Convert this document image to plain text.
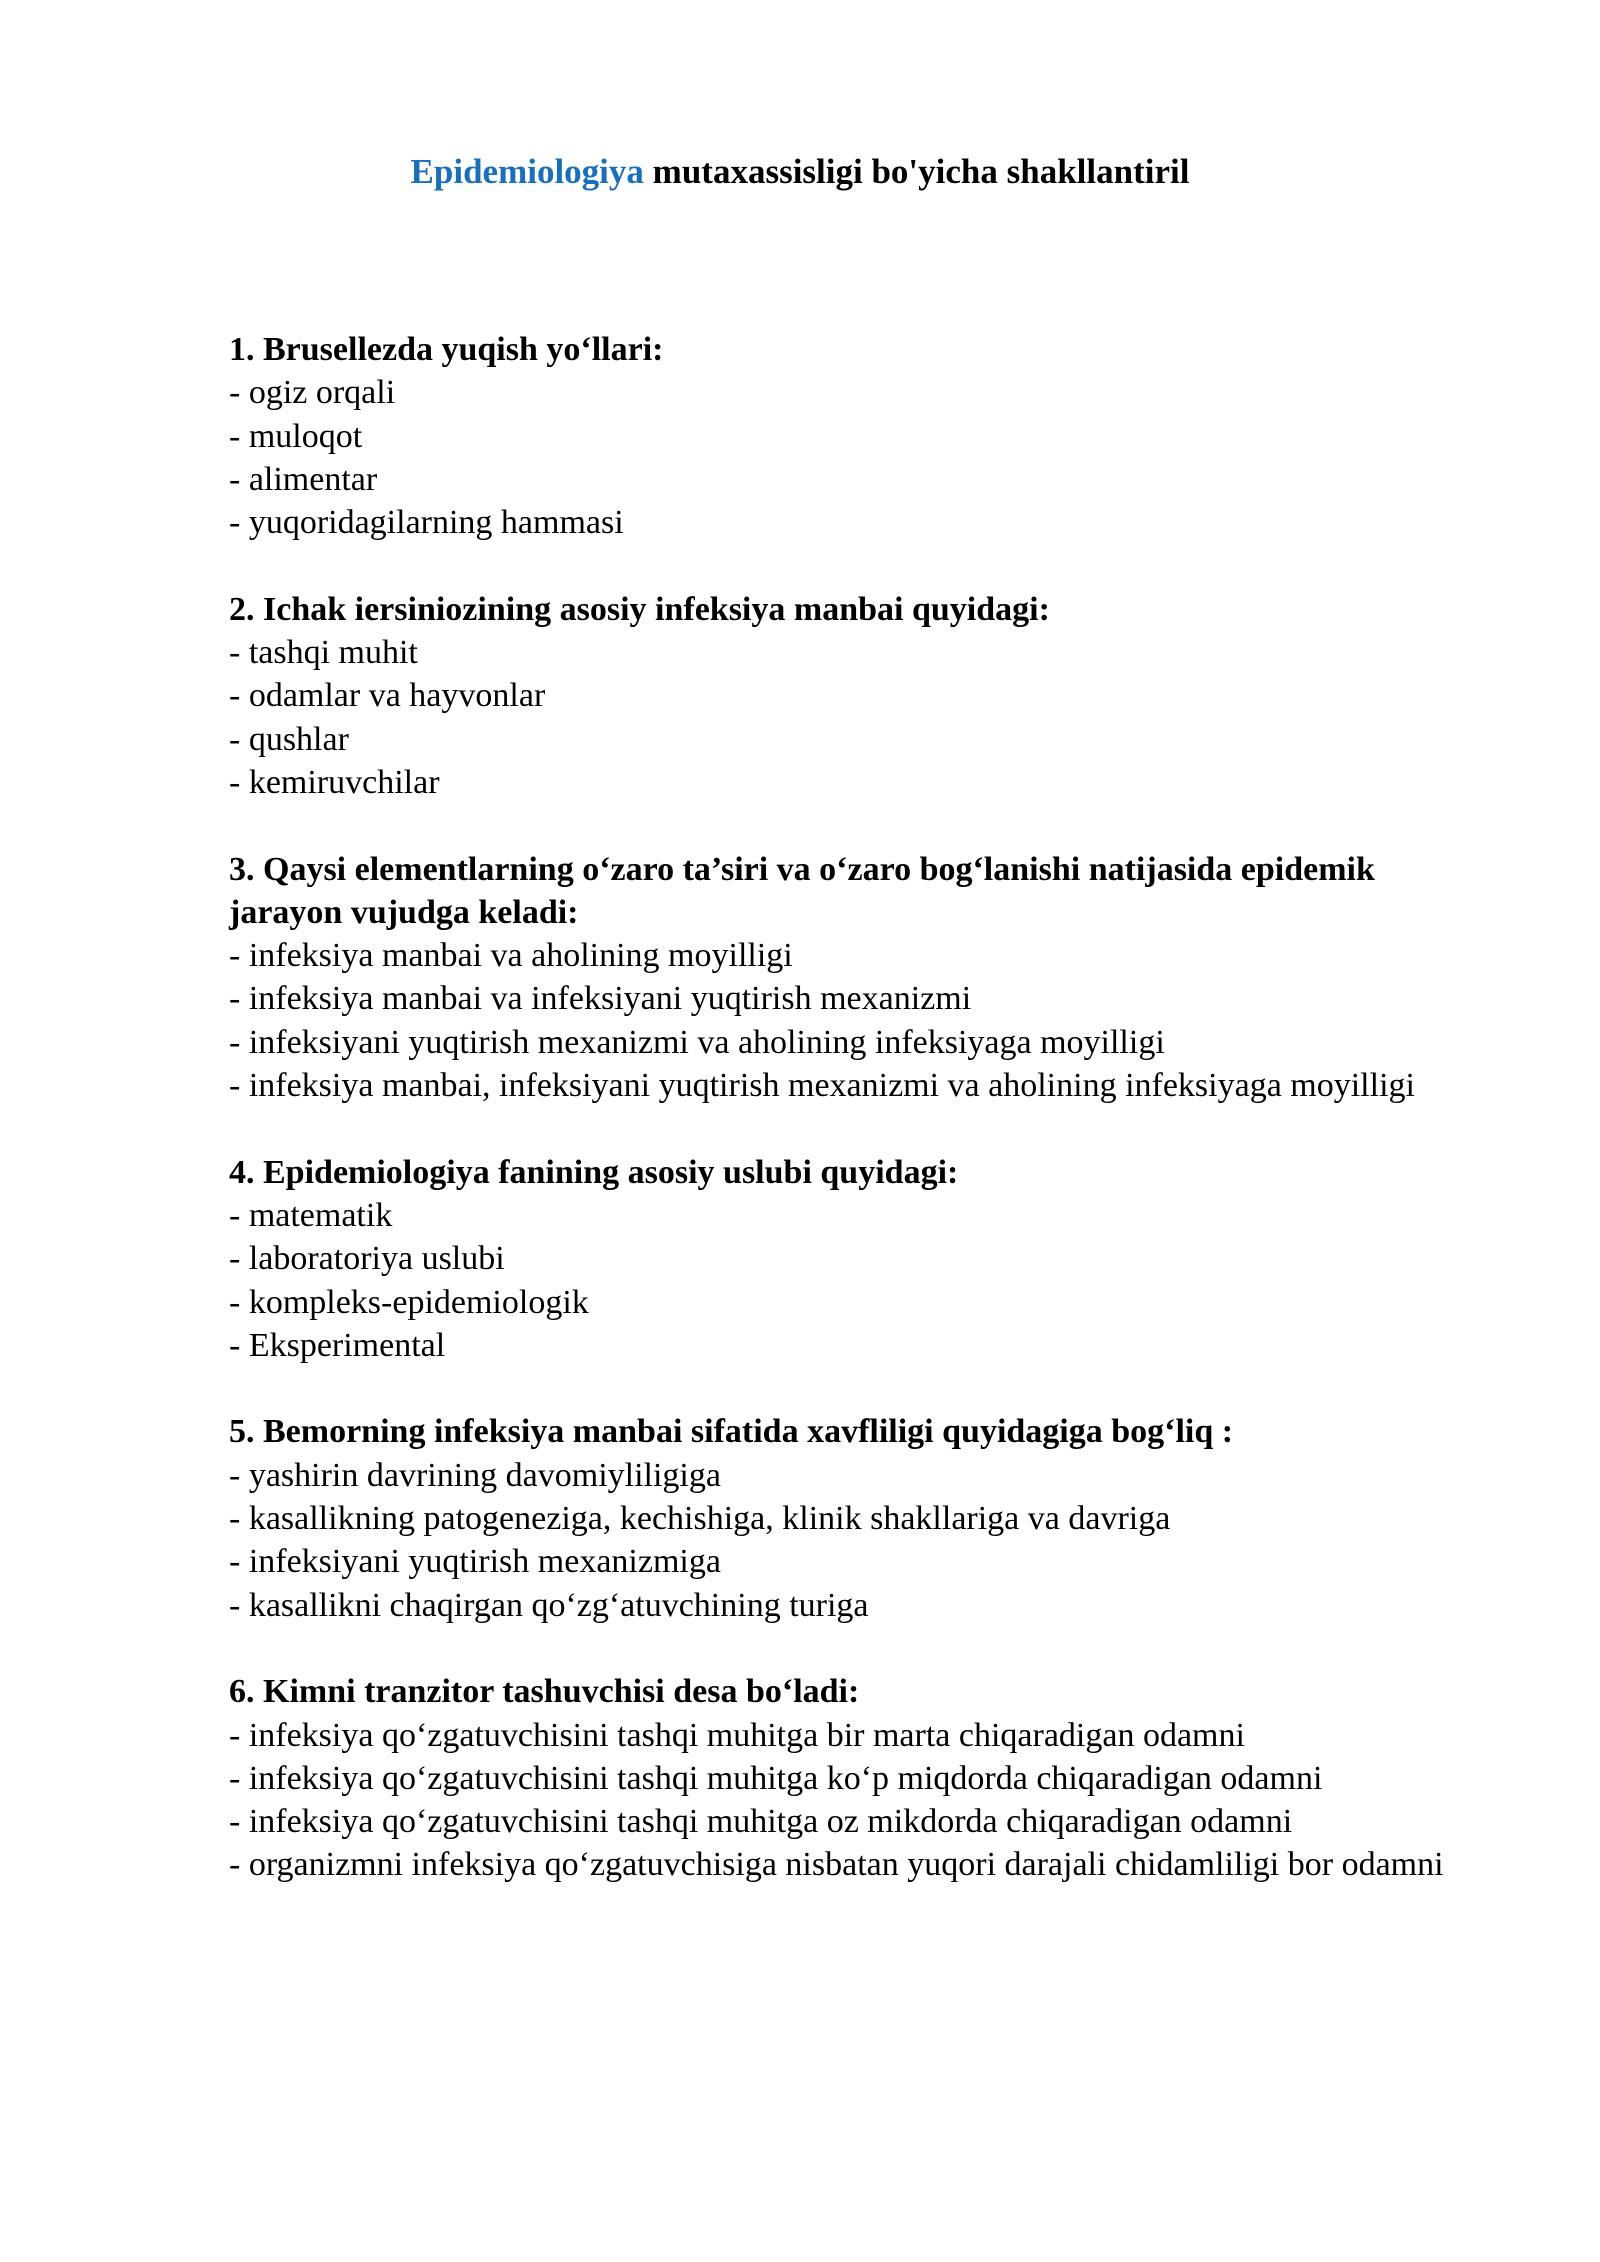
Epidemiologiya mutaxassisligi bo'yicha shakllantiril
1. Brusellezda yuqish yo‘llari:
- ogiz orqali
- muloqot
- alimentar
- yuqoridagilarning hammasi
2. Ichak iersiniozining asosiy infeksiya manbai quyidagi:
- tashqi muhit
- odamlar va hayvonlar
- qushlar
- kemiruvchilar
3. Qaysi elementlarning o‘zaro ta’siri va o‘zaro bog‘lanishi natijasida epidemik jarayon vujudga keladi:
- infeksiya manbai va aholining moyilligi
- infeksiya manbai va infeksiyani yuqtirish mexanizmi
- infeksiyani yuqtirish mexanizmi va aholining infeksiyaga moyilligi
- infeksiya manbai, infeksiyani yuqtirish mexanizmi va aholining infeksiyaga moyilligi
4. Epidemiologiya fanining asosiy uslubi quyidagi:
- matematik
- laboratoriya uslubi
- kompleks-epidemiologik
- Eksperimental
5. Bemorning infeksiya manbai sifatida xavfliligi quyidagiga bog‘liq :
- yashirin davrining davomiyliligiga
- kasallikning patogeneziga, kechishiga, klinik shakllariga va davriga
- infeksiyani yuqtirish mexanizmiga
- kasallikni chaqirgan qo‘zg‘atuvchining turiga
6. Kimni tranzitor tashuvchisi desa bo‘ladi:
- infeksiya qo‘zgatuvchisini tashqi muhitga bir marta chiqaradigan odamni
- infeksiya qo‘zgatuvchisini tashqi muhitga ko‘p miqdorda chiqaradigan odamni
- infeksiya qo‘zgatuvchisini tashqi muhitga oz mikdorda chiqaradigan odamni
- organizmni infeksiya qo‘zgatuvchisiga nisbatan yuqori darajali chidamliligi bor odamni
